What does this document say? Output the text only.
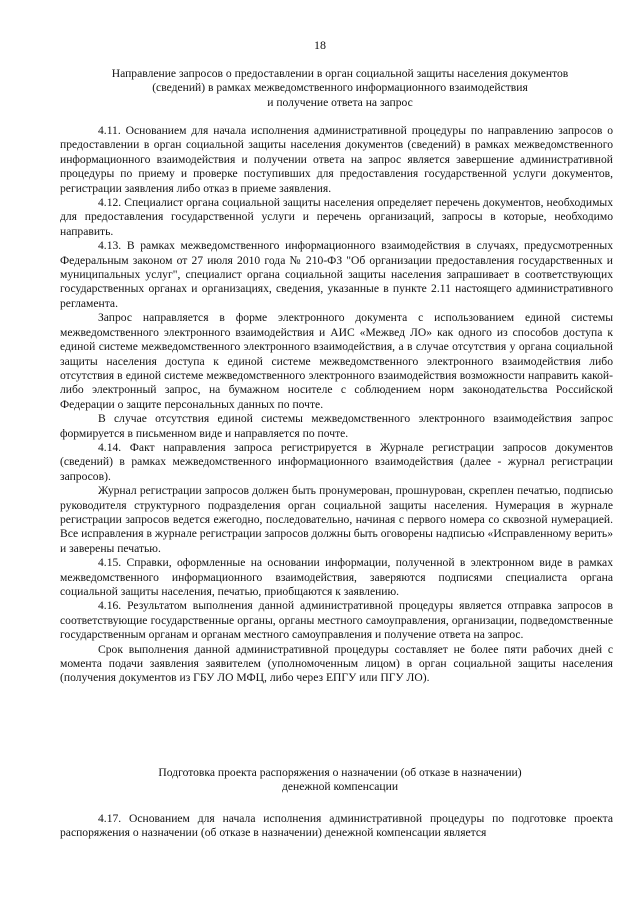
18
Направление запросов о предоставлении в орган социальной защиты населения документов
(сведений) в рамках межведомственного информационного взаимодействия
и получение ответа на запрос

4.11. Основанием для начала исполнения административной процедуры по направлению запросов о предоставлении в орган социальной защиты населения документов (сведений) в рамках межведомственного информационного взаимодействия и получении ответа на запрос является завершение административной процедуры по приему и проверке поступивших для предоставления государственной услуги документов, регистрации заявления либо отказ в приеме заявления.

4.12. Специалист органа социальной защиты населения определяет перечень документов, необходимых для предоставления государственной услуги и перечень организаций, запросы в которые, необходимо направить.

4.13. В рамках межведомственного информационного взаимодействия в случаях, предусмотренных Федеральным законом от 27 июля 2010 года № 210-ФЗ "Об организации предоставления государственных и муниципальных услуг", специалист органа социальной защиты населения запрашивает в соответствующих государственных органах и организациях, сведения, указанные в пункте 2.11 настоящего административного регламента.

Запрос направляется в форме электронного документа с использованием единой системы межведомственного электронного взаимодействия и АИС «Межвед ЛО» как одного из способов доступа к единой системе межведомственного электронного взаимодействия, а в случае отсутствия у органа социальной защиты населения доступа к единой системе межведомственного электронного взаимодействия либо отсутствия в единой системе межведомственного электронного взаимодействия возможности направить какой-либо электронный запрос, на бумажном носителе с соблюдением норм законодательства Российской Федерации о защите персональных данных по почте.

В случае отсутствия единой системы межведомственного электронного взаимодействия запрос формируется в письменном виде и направляется по почте.

4.14. Факт направления запроса регистрируется в Журнале регистрации запросов документов (сведений) в рамках межведомственного информационного взаимодействия (далее - журнал регистрации запросов).

Журнал регистрации запросов должен быть пронумерован, прошнурован, скреплен печатью, подписью руководителя структурного подразделения орган социальной защиты населения. Нумерация в журнале регистрации запросов ведется ежегодно, последовательно, начиная с первого номера со сквозной нумерацией. Все исправления в журнале регистрации запросов должны быть оговорены надписью «Исправленному верить» и заверены печатью.

4.15. Справки, оформленные на основании информации, полученной в электронном виде в рамках межведомственного информационного взаимодействия, заверяются подписями специалиста органа социальной защиты населения, печатью, приобщаются к заявлению.

4.16. Результатом выполнения данной административной процедуры является отправка запросов в соответствующие государственные органы, органы местного самоуправления, организации, подведомственные государственным органам и органам местного самоуправления и получение ответа на запрос.

Срок выполнения данной административной процедуры составляет не более пяти рабочих дней с момента подачи заявления заявителем (уполномоченным лицом) в орган социальной защиты населения (получения документов из ГБУ ЛО МФЦ, либо через ЕПГУ или ПГУ ЛО).

Подготовка проекта распоряжения о назначении (об отказе в назначении)
денежной компенсации

4.17. Основанием для начала исполнения административной процедуры по подготовке проекта распоряжения о назначении (об отказе в назначении) денежной компенсации является
